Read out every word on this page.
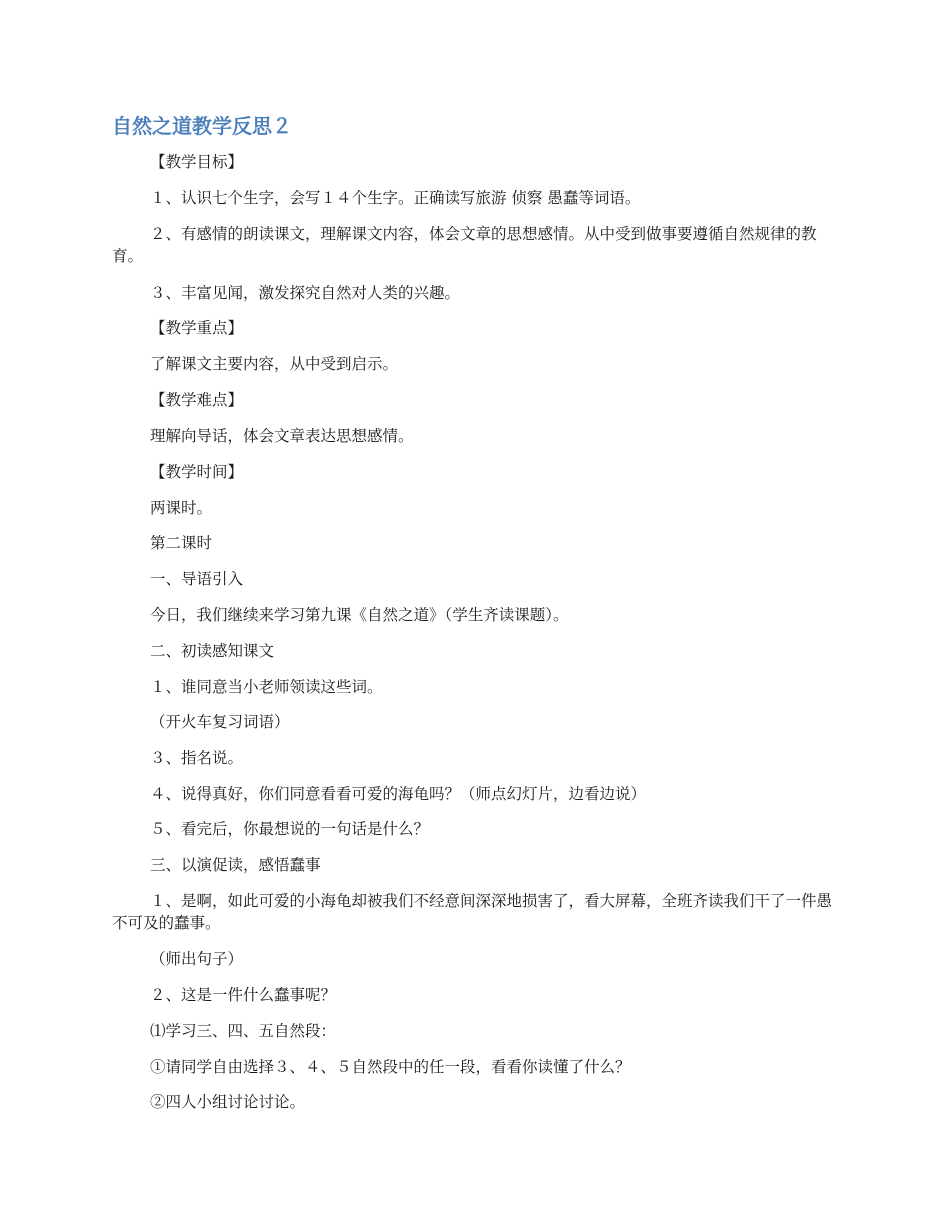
自然之道教学反思２
【教学目标】
１、认识七个生字，会写１４个生字。正确读写旅游 侦察 愚蠢等词语。
２、有感情的朗读课文，理解课文内容，体会文章的思想感情。从中受到做事要遵循自然规律的教育。
３、丰富见闻，激发探究自然对人类的兴趣。
【教学重点】
了解课文主要内容，从中受到启示。
【教学难点】
理解向导话，体会文章表达思想感情。
【教学时间】
两课时。
第二课时
一、导语引入
今日，我们继续来学习第九课《自然之道》（学生齐读课题）。
二、初读感知课文
１、谁同意当小老师领读这些词。
（开火车复习词语）
３、指名说。
４、说得真好，你们同意看看可爱的海龟吗？（师点幻灯片，边看边说）
５、看完后，你最想说的一句话是什么？
三、以演促读，感悟蠢事
１、是啊，如此可爱的小海龟却被我们不经意间深深地损害了，看大屏幕，全班齐读我们干了一件愚不可及的蠢事。
（师出句子）
２、这是一件什么蠢事呢？
⑴学习三、四、五自然段：
①请同学自由选择３、４、５自然段中的任一段，看看你读懂了什么？
②四人小组讨论讨论。
